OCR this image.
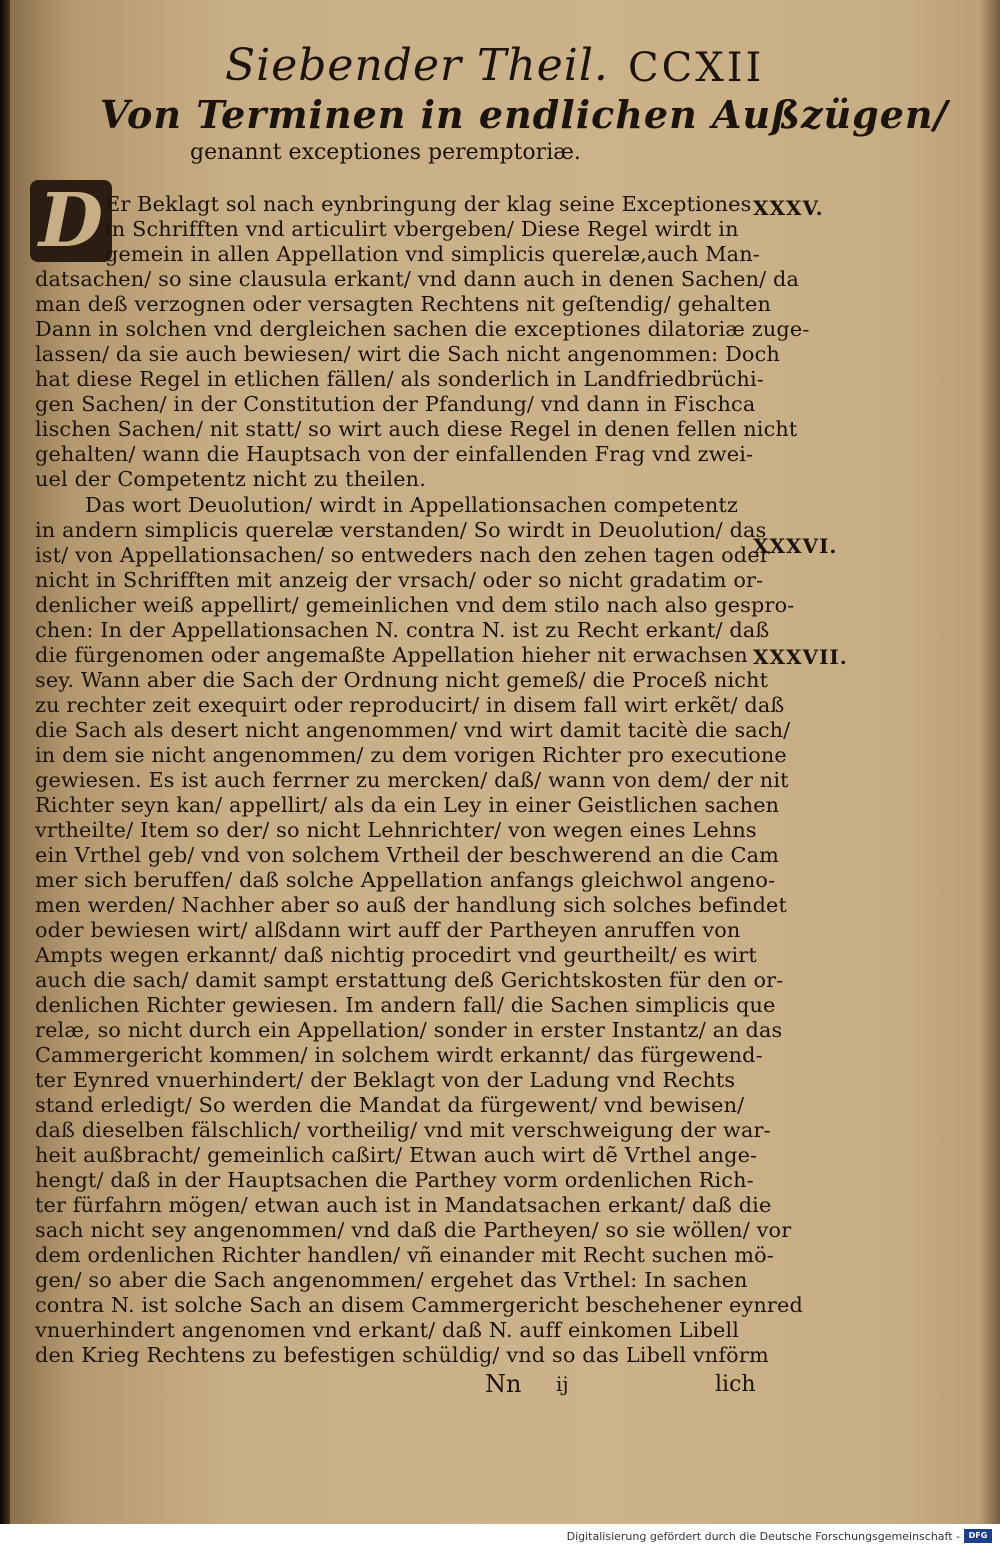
Siebender Theil. CCXII
Von Terminen in endlichen Außzügen/
genannt exceptiones peremptoriæ.
D Er Beklagt sol nach eynbringung der klag seine Exceptiones
in Schrifften vnd articulirt vbergeben/ Diese Regel wirdt in
gemein in allen Appellation vnd simplicis querelæ,auch Man-
datsachen/ so sine clausula erkant/ vnd dann auch in denen Sachen/ da
man deß verzognen oder versagten Rechtens nit geſtendig/ gehalten
Dann in solchen vnd dergleichen sachen die exceptiones dilatoriæ zuge-
lassen/ da sie auch bewiesen/ wirt die Sach nicht angenommen: Doch
hat diese Regel in etlichen fällen/ als sonderlich in Landfriedbrüchi-
gen Sachen/ in der Constitution der Pfandung/ vnd dann in Fischca
lischen Sachen/ nit statt/ so wirt auch diese Regel in denen fellen nicht
gehalten/ wann die Hauptsach von der einfallenden Frag vnd zwei-
uel der Competentz nicht zu theilen.
Das wort Deuolution/ wirdt in Appellationsachen competentz
in andern simplicis querelæ verstanden/ So wirdt in Deuolution/ das
ist/ von Appellationsachen/ so entweders nach den zehen tagen oder
nicht in Schrifften mit anzeig der vrsach/ oder so nicht gradatim or-
denlicher weiß appellirt/ gemeinlichen vnd dem stilo nach also gespro-
chen: In der Appellationsachen N. contra N. ist zu Recht erkant/ daß
die fürgenomen oder angemaßte Appellation hieher nit erwachsen
sey. Wann aber die Sach der Ordnung nicht gemeß/ die Proceß nicht
zu rechter zeit exequirt oder reproducirt/ in disem fall wirt erkẽt/ daß
die Sach als desert nicht angenommen/ vnd wirt damit tacitè die sach/
in dem sie nicht angenommen/ zu dem vorigen Richter pro executione
gewiesen. Es ist auch ferrner zu mercken/ daß/ wann von dem/ der nit
Richter seyn kan/ appellirt/ als da ein Ley in einer Geistlichen sachen
vrtheilte/ Item so der/ so nicht Lehnrichter/ von wegen eines Lehns
ein Vrthel geb/ vnd von solchem Vrtheil der beschwerend an die Cam
mer sich beruffen/ daß solche Appellation anfangs gleichwol angeno-
men werden/ Nachher aber so auß der handlung sich solches befindet
oder bewiesen wirt/ alßdann wirt auff der Partheyen anruffen von
Ampts wegen erkannt/ daß nichtig procedirt vnd geurtheilt/ es wirt
auch die sach/ damit sampt erstattung deß Gerichtskosten für den or-
denlichen Richter gewiesen. Im andern fall/ die Sachen simplicis que
relæ, so nicht durch ein Appellation/ sonder in erster Instantz/ an das
Cammergericht kommen/ in solchem wirdt erkannt/ das fürgewend-
ter Eynred vnuerhindert/ der Beklagt von der Ladung vnd Rechts
stand erledigt/ So werden die Mandat da fürgewent/ vnd bewisen/
daß dieselben fälschlich/ vortheilig/ vnd mit verschweigung der war-
heit außbracht/ gemeinlich caßirt/ Etwan auch wirt dẽ Vrthel ange-
hengt/ daß in der Hauptsachen die Parthey vorm ordenlichen Rich-
ter fürfahrn mögen/ etwan auch ist in Mandatsachen erkant/ daß die
sach nicht sey angenommen/ vnd daß die Partheyen/ so sie wöllen/ vor
dem ordenlichen Richter handlen/ vñ einander mit Recht suchen mö-
gen/ so aber die Sach angenommen/ ergehet das Vrthel: In sachen
contra N. ist solche Sach an disem Cammergericht beschehener eynred
vnuerhindert angenomen vnd erkant/ daß N. auff einkomen Libell
den Krieg Rechtens zu befestigen schüldig/ vnd so das Libell vnförm
XXXV.
XXXVI.
XXXVII.
Nn ij	lich
Digitalisierung gefördert durch die Deutsche Forschungsgemeinschaft -	DFG
